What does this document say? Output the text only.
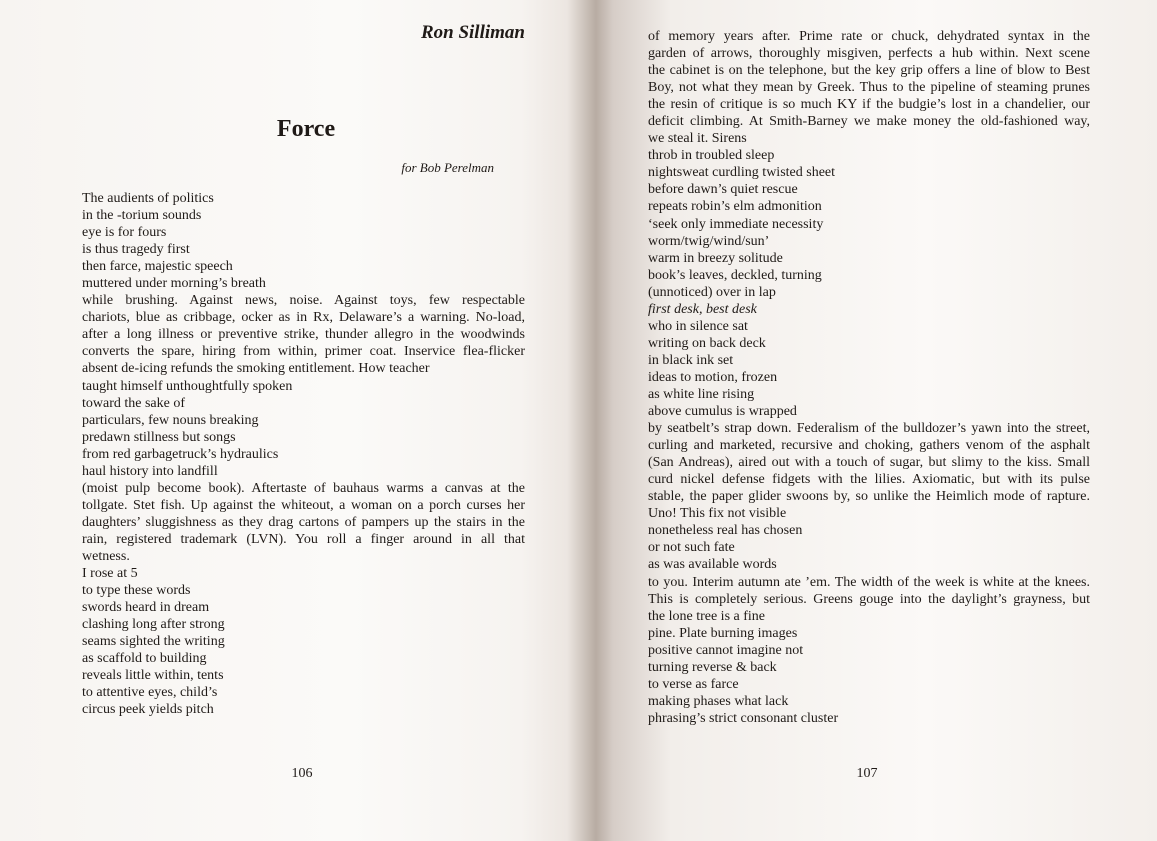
Ron Silliman
Force
for Bob Perelman
The audients of politics
in the -torium sounds
eye is for fours
is thus tragedy first
then farce, majestic speech
muttered under morning’s breath
while brushing. Against news, noise. Against toys, few respectable
chariots, blue as cribbage, ocker as in Rx, Delaware’s a warning. No-load,
after a long illness or preventive strike, thunder allegro in the woodwinds
converts the spare, hiring from within, primer coat. Inservice flea-flicker
absent de-icing refunds the smoking entitlement. How teacher
taught himself unthoughtfully spoken
toward the sake of
particulars, few nouns breaking
predawn stillness but songs
from red garbagetruck’s hydraulics
haul history into landfill
(moist pulp become book). Aftertaste of bauhaus warms a canvas at the
tollgate. Stet fish. Up against the whiteout, a woman on a porch curses her
daughters’ sluggishness as they drag cartons of pampers up the stairs in the
rain, registered trademark (LVN). You roll a finger around in all that
wetness.
I rose at 5
to type these words
swords heard in dream
clashing long after strong
seams sighted the writing
as scaffold to building
reveals little within, tents
to attentive eyes, child’s
circus peek yields pitch
106
of memory years after. Prime rate or chuck, dehydrated syntax in the
garden of arrows, thoroughly misgiven, perfects a hub within. Next scene
the cabinet is on the telephone, but the key grip offers a line of blow to Best
Boy, not what they mean by Greek. Thus to the pipeline of steaming prunes
the resin of critique is so much KY if the budgie’s lost in a chandelier, our
deficit climbing. At Smith-Barney we make money the old-fashioned way,
we steal it. Sirens
throb in troubled sleep
nightsweat curdling twisted sheet
before dawn’s quiet rescue
repeats robin’s elm admonition
‘seek only immediate necessity
worm/twig/wind/sun’
warm in breezy solitude
book’s leaves, deckled, turning
(unnoticed) over in lap
first desk, best desk
who in silence sat
writing on back deck
in black ink set
ideas to motion, frozen
as white line rising
above cumulus is wrapped
by seatbelt’s strap down. Federalism of the bulldozer’s yawn into the street,
curling and marketed, recursive and choking, gathers venom of the asphalt
(San Andreas), aired out with a touch of sugar, but slimy to the kiss. Small
curd nickel defense fidgets with the lilies. Axiomatic, but with its pulse
stable, the paper glider swoons by, so unlike the Heimlich mode of rapture.
Uno! This fix not visible
nonetheless real has chosen
or not such fate
as was available words
to you. Interim autumn ate ’em. The width of the week is white at the knees.
This is completely serious. Greens gouge into the daylight’s grayness, but
the lone tree is a fine
pine. Plate burning images
positive cannot imagine not
turning reverse & back
to verse as farce
making phases what lack
phrasing’s strict consonant cluster
107
